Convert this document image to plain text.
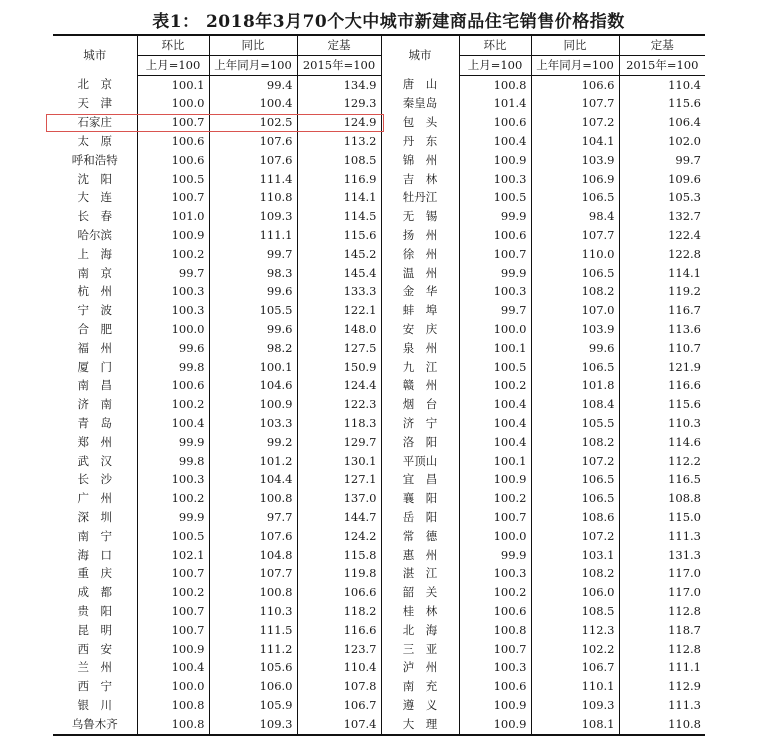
表1： 2018年3月70个大中城市新建商品住宅销售价格指数
城市	环比	同比	定基	城市	环比	同比	定基
	上月=100	上年同月=100	2015年=100		上月=100	上年同月=100	2015年=100
北　京	100.1	99.4	134.9	唐　山	100.8	106.6	110.4
天　津	100.0	100.4	129.3	秦皇岛	101.4	107.7	115.6
石家庄	100.7	102.5	124.9	包　头	100.6	107.2	106.4
太　原	100.6	107.6	113.2	丹　东	100.4	104.1	102.0
呼和浩特	100.6	107.6	108.5	锦　州	100.9	103.9	99.7
沈　阳	100.5	111.4	116.9	吉　林	100.3	106.9	109.6
大　连	100.7	110.8	114.1	牡丹江	100.5	106.5	105.3
长　春	101.0	109.3	114.5	无　锡	99.9	98.4	132.7
哈尔滨	100.9	111.1	115.6	扬　州	100.6	107.7	122.4
上　海	100.2	99.7	145.2	徐　州	100.7	110.0	122.8
南　京	99.7	98.3	145.4	温　州	99.9	106.5	114.1
杭　州	100.3	99.6	133.3	金　华	100.3	108.2	119.2
宁　波	100.3	105.5	122.1	蚌　埠	99.7	107.0	116.7
合　肥	100.0	99.6	148.0	安　庆	100.0	103.9	113.6
福　州	99.6	98.2	127.5	泉　州	100.1	99.6	110.7
厦　门	99.8	100.1	150.9	九　江	100.5	106.5	121.9
南　昌	100.6	104.6	124.4	赣　州	100.2	101.8	116.6
济　南	100.2	100.9	122.3	烟　台	100.4	108.4	115.6
青　岛	100.4	103.3	118.3	济　宁	100.4	105.5	110.3
郑　州	99.9	99.2	129.7	洛　阳	100.4	108.2	114.6
武　汉	99.8	101.2	130.1	平顶山	100.1	107.2	112.2
长　沙	100.3	104.4	127.1	宜　昌	100.9	106.5	116.5
广　州	100.2	100.8	137.0	襄　阳	100.2	106.5	108.8
深　圳	99.9	97.7	144.7	岳　阳	100.7	108.6	115.0
南　宁	100.5	107.6	124.2	常　德	100.0	107.2	111.3
海　口	102.1	104.8	115.8	惠　州	99.9	103.1	131.3
重　庆	100.7	107.7	119.8	湛　江	100.3	108.2	117.0
成　都	100.2	100.8	106.6	韶　关	100.2	106.0	117.0
贵　阳	100.7	110.3	118.2	桂　林	100.6	108.5	112.8
昆　明	100.7	111.5	116.6	北　海	100.8	112.3	118.7
西　安	100.9	111.2	123.7	三　亚	100.7	102.2	112.8
兰　州	100.4	105.6	110.4	泸　州	100.3	106.7	111.1
西　宁	100.0	106.0	107.8	南　充	100.6	110.1	112.9
银　川	100.8	105.9	106.7	遵　义	100.9	109.3	111.3
乌鲁木齐	100.8	109.3	107.4	大　理	100.9	108.1	110.8
